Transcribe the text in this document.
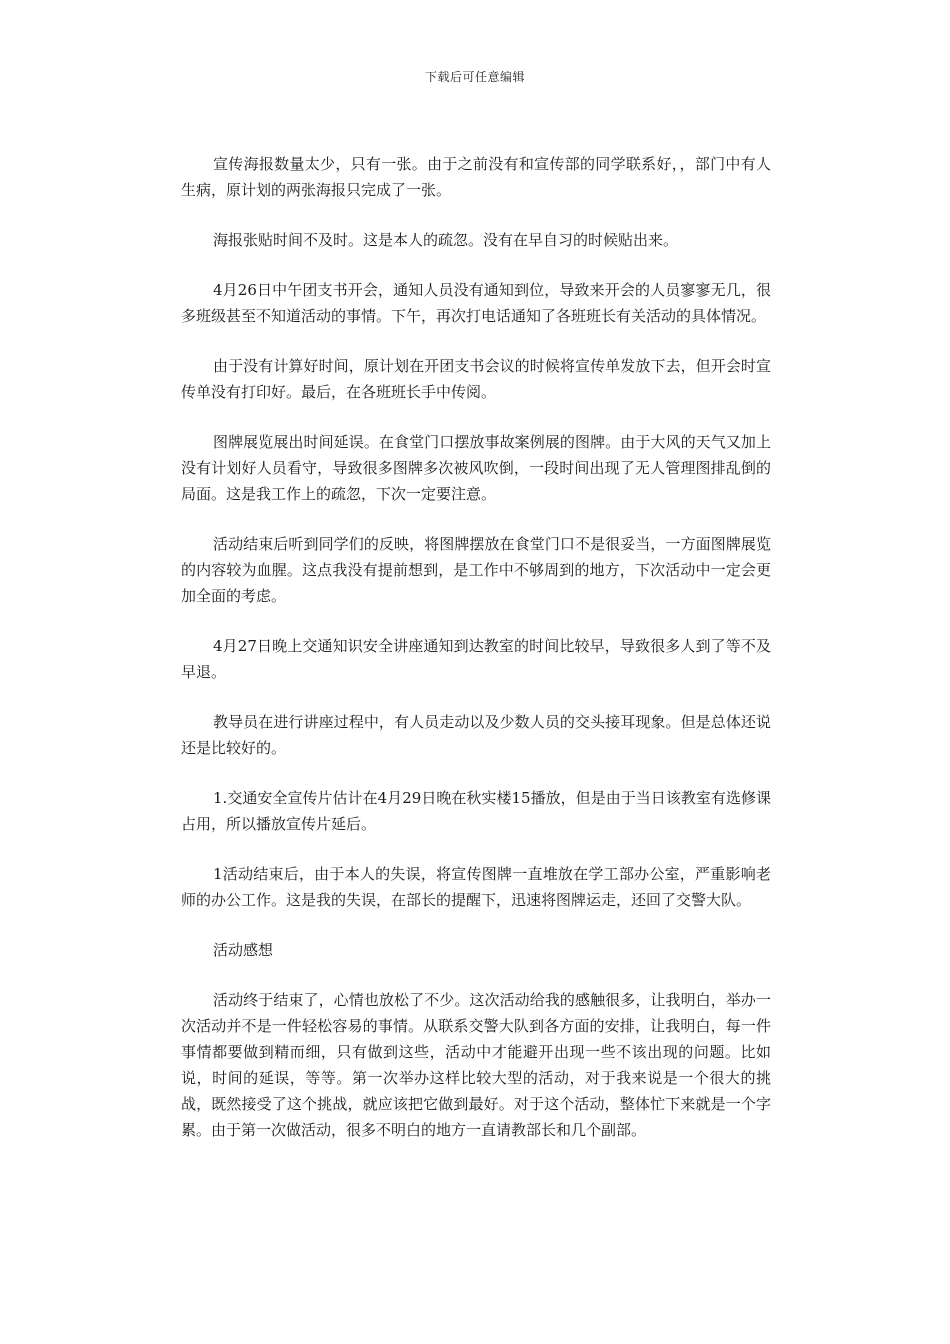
下载后可任意编辑

宣传海报数量太少，只有一张。由于之前没有和宣传部的同学联系好，，部门中有人生病，原计划的两张海报只完成了一张。

海报张贴时间不及时。这是本人的疏忽。没有在早自习的时候贴出来。

4月26日中午团支书开会，通知人员没有通知到位，导致来开会的人员寥寥无几，很多班级甚至不知道活动的事情。下午，再次打电话通知了各班班长有关活动的具体情况。

由于没有计算好时间，原计划在开团支书会议的时候将宣传单发放下去，但开会时宣传单没有打印好。最后，在各班班长手中传阅。

图牌展览展出时间延误。在食堂门口摆放事故案例展的图牌。由于大风的天气又加上没有计划好人员看守，导致很多图牌多次被风吹倒，一段时间出现了无人管理图排乱倒的局面。这是我工作上的疏忽，下次一定要注意。

活动结束后听到同学们的反映，将图牌摆放在食堂门口不是很妥当，一方面图牌展览的内容较为血腥。这点我没有提前想到，是工作中不够周到的地方，下次活动中一定会更加全面的考虑。

4月27日晚上交通知识安全讲座通知到达教室的时间比较早，导致很多人到了等不及早退。

教导员在进行讲座过程中，有人员走动以及少数人员的交头接耳现象。但是总体还说还是比较好的。

1.交通安全宣传片估计在4月29日晚在秋实楼15播放，但是由于当日该教室有选修课占用，所以播放宣传片延后。

1活动结束后，由于本人的失误，将宣传图牌一直堆放在学工部办公室，严重影响老师的办公工作。这是我的失误，在部长的提醒下，迅速将图牌运走，还回了交警大队。

活动感想

活动终于结束了，心情也放松了不少。这次活动给我的感触很多，让我明白，举办一次活动并不是一件轻松容易的事情。从联系交警大队到各方面的安排，让我明白，每一件事情都要做到精而细，只有做到这些，活动中才能避开出现一些不该出现的问题。比如说，时间的延误，等等。第一次举办这样比较大型的活动，对于我来说是一个很大的挑战，既然接受了这个挑战，就应该把它做到最好。对于这个活动，整体忙下来就是一个字累。由于第一次做活动，很多不明白的地方一直请教部长和几个副部。
